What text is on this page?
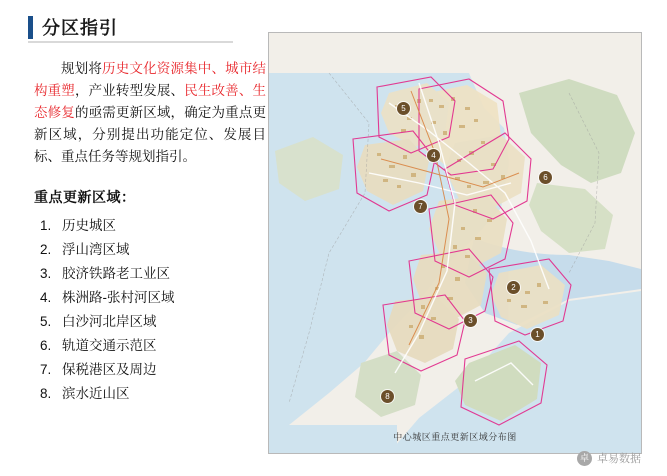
分区指引

规划将历史文化资源集中、城市结构重塑，产业转型发展、民生改善、生态修复的亟需更新区域，确定为重点更新区域，分别提出功能定位、发展目标、重点任务等规划指引。

重点更新区域：
1. 历史城区
2. 浮山湾区域
3. 胶济铁路老工业区
4. 株洲路-张村河区域
5. 白沙河北岸区域
6. 轨道交通示范区
7. 保税港区及周边
8. 滨水近山区
1
2
3
4
5
6
7
8
中心城区重点更新区域分布图
卓 卓易数据
